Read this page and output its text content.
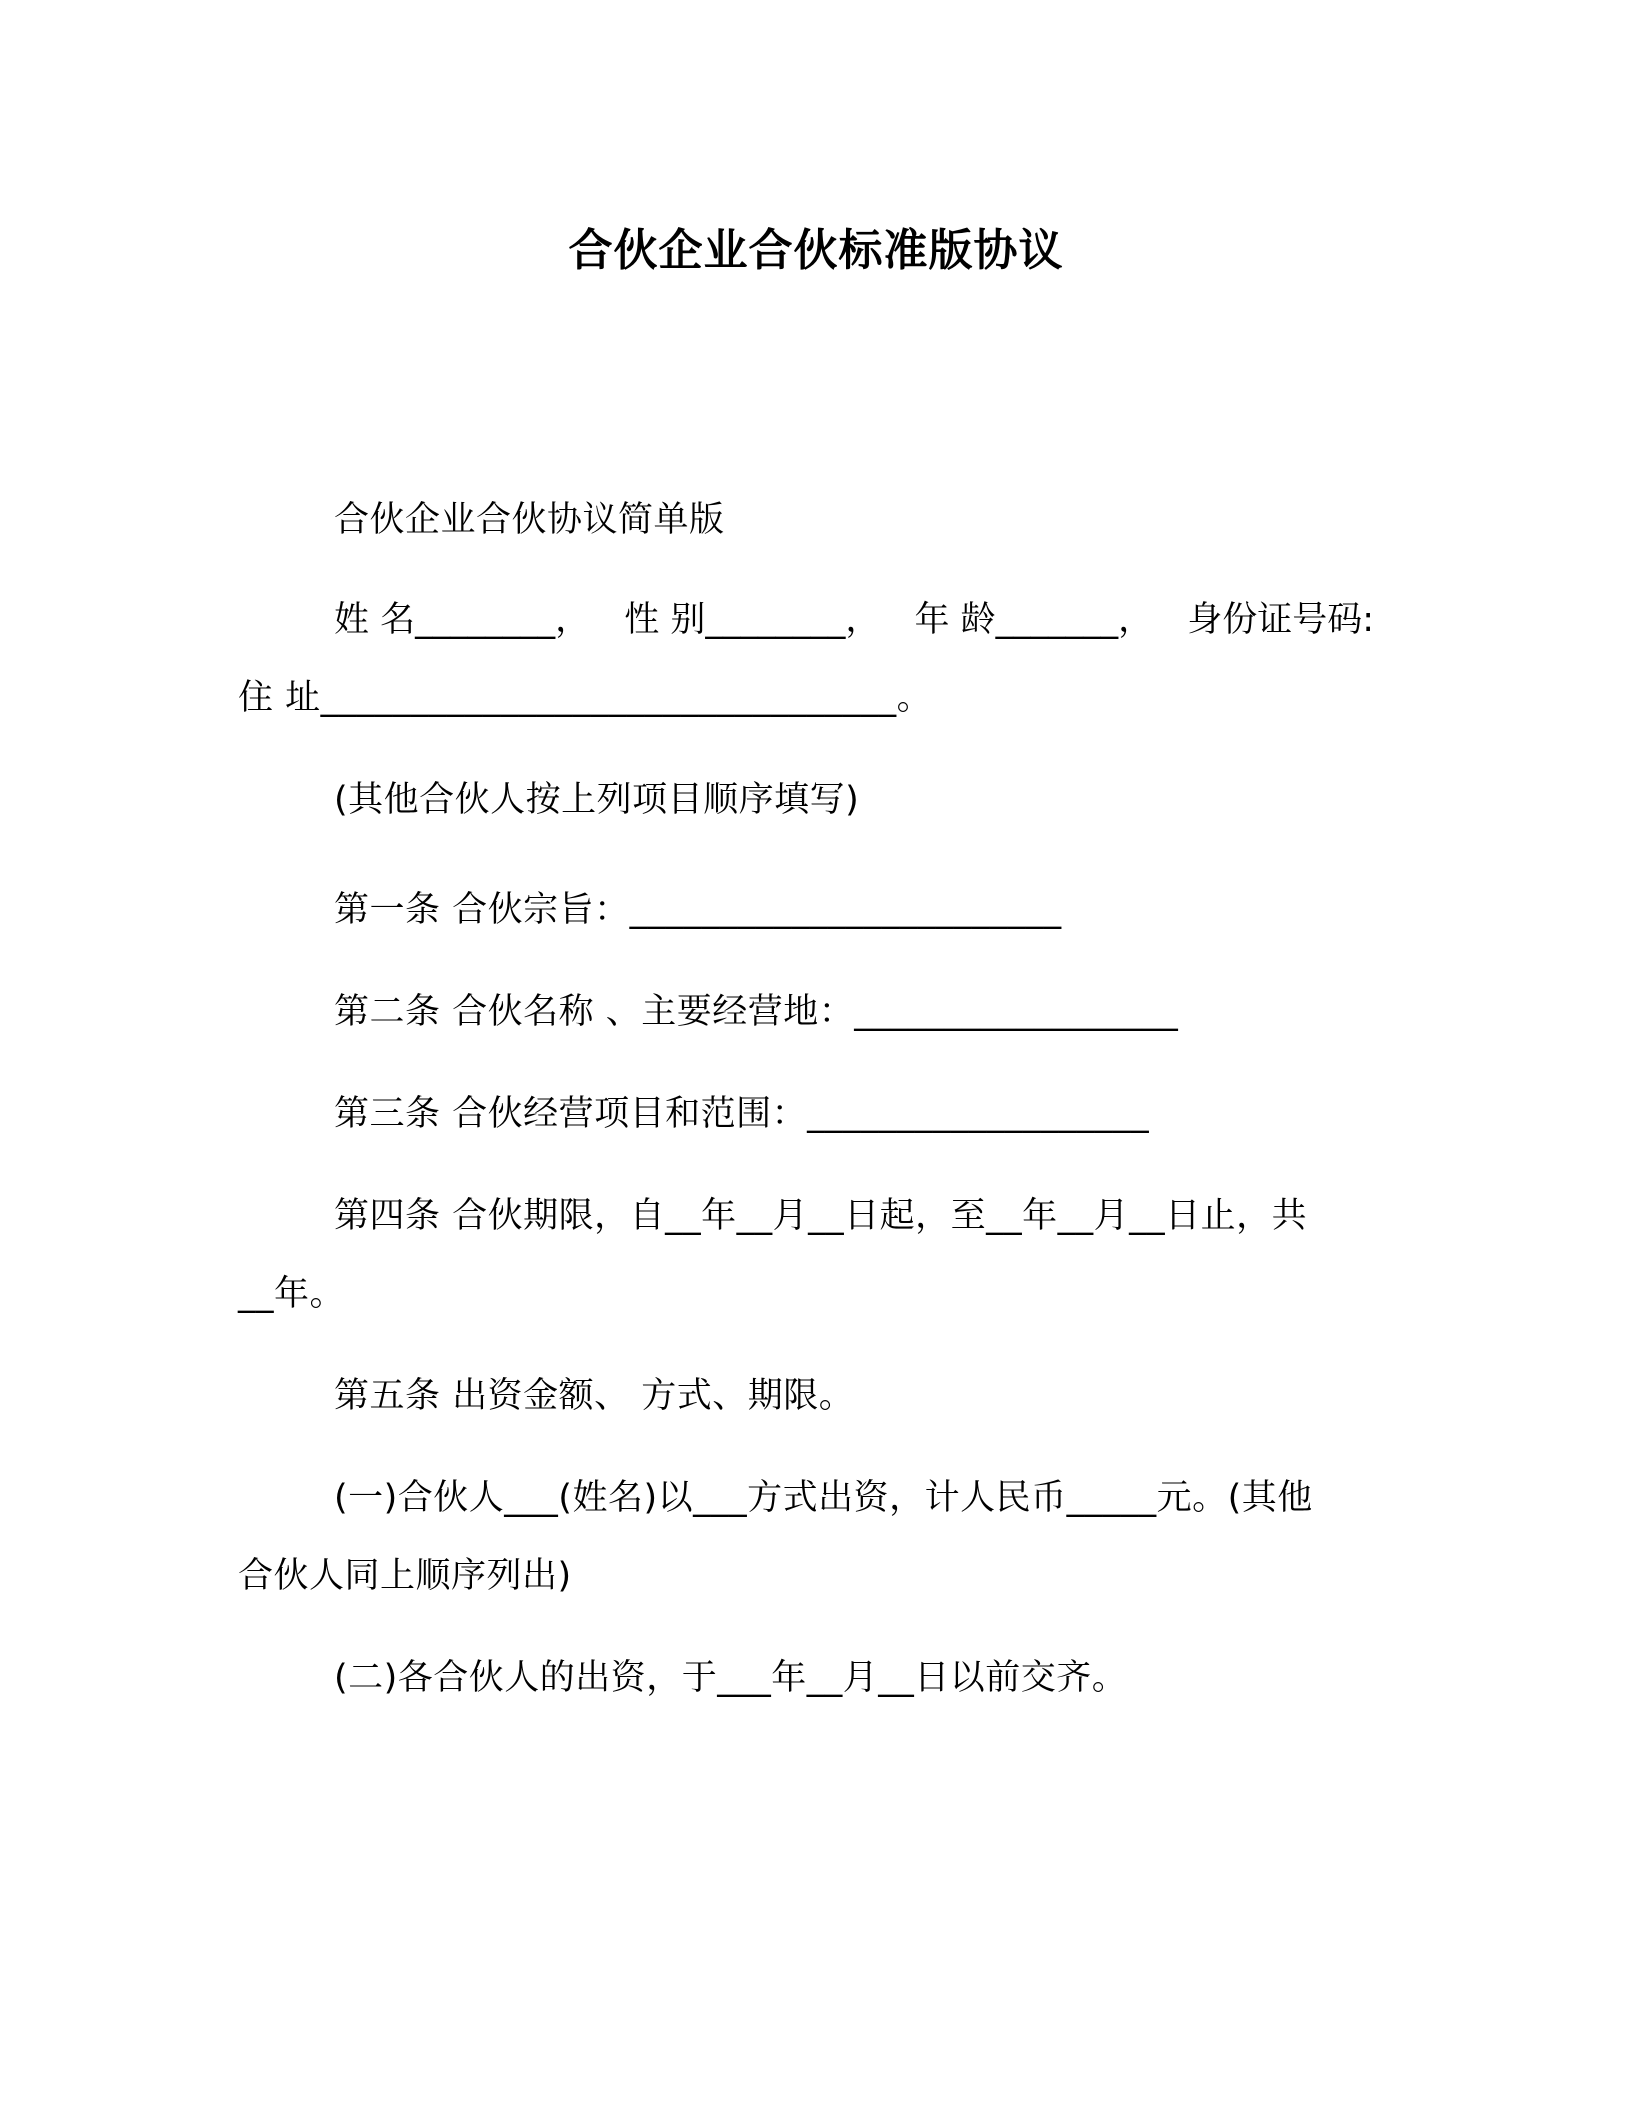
合伙企业合伙标准版协议
合伙企业合伙协议简单版
姓 名________， 性 别________， 年 龄_______， 身份证号码:
住 址________________________________。
(其他合伙人按上列项目顺序填写)
第一条 合伙宗旨：________________________
第二条 合伙名称 、主要经营地：__________________
第三条 合伙经营项目和范围：___________________
第四条 合伙期限，自__年__月__日起，至__年__月__日止，共
__年。
第五条 出资金额、 方式、期限。
(一)合伙人___(姓名)以___方式出资，计人民币_____元。(其他
合伙人同上顺序列出)
(二)各合伙人的出资，于___年__月__日以前交齐。
